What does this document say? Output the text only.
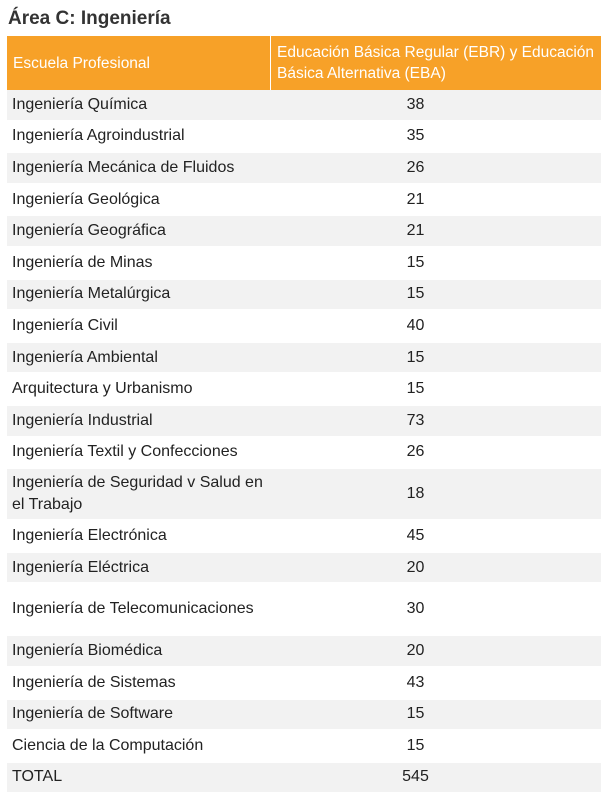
Área C: Ingeniería
Escuela Profesional	Educación Básica Regular (EBR) y Educación Básica Alternativa (EBA)
Ingeniería Química	38
Ingeniería Agroindustrial	35
Ingeniería Mecánica de Fluidos	26
Ingeniería Geológica	21
Ingeniería Geográfica	21
Ingeniería de Minas	15
Ingeniería Metalúrgica	15
Ingeniería Civil	40
Ingeniería Ambiental	15
Arquitectura y Urbanismo	15
Ingeniería Industrial	73
Ingeniería Textil y Confecciones	26
Ingeniería de Seguridad v Salud en el Trabajo	18
Ingeniería Electrónica	45
Ingeniería Eléctrica	20
Ingeniería de Telecomunicaciones	30
Ingeniería Biomédica	20
Ingeniería de Sistemas	43
Ingeniería de Software	15
Ciencia de la Computación	15
TOTAL	545
